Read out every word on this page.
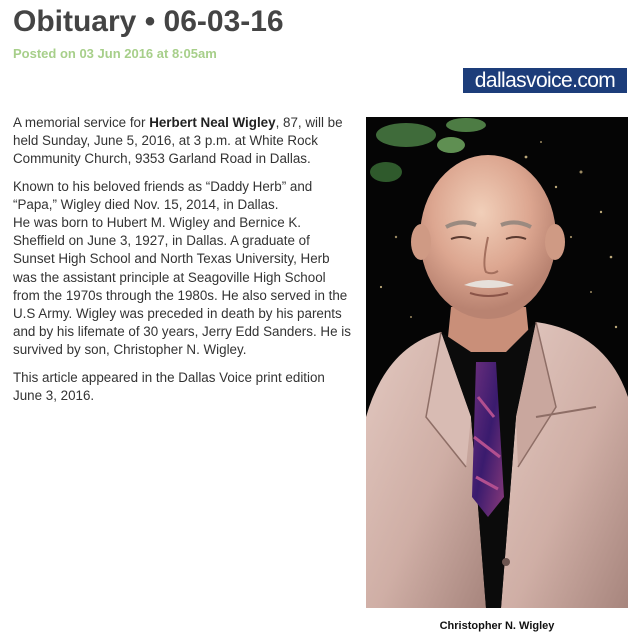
Obituary • 06-03-16
Posted on 03 Jun 2016 at 8:05am
dallasvoice.com

A memorial service for Herbert Neal Wigley, 87, will be held Sunday, June 5, 2016, at 3 p.m. at White Rock Community Church, 9353 Garland Road in Dallas.

Known to his beloved friends as “Daddy Herb” and “Papa,” Wigley died Nov. 15, 2014, in Dallas.
He was born to Hubert M. Wigley and Bernice K. Sheffield on June 3, 1927, in Dallas. A graduate of Sunset High School and North Texas University, Herb was the assistant principle at Seagoville High School from the 1970s through the 1980s. He also served in the U.S Army. Wigley was preceded in death by his parents and by his lifemate of 30 years, Jerry Edd Sanders. He is survived by son, Christopher N. Wigley.

This article appeared in the Dallas Voice print edition June 3, 2016.

Christopher N. Wigley
